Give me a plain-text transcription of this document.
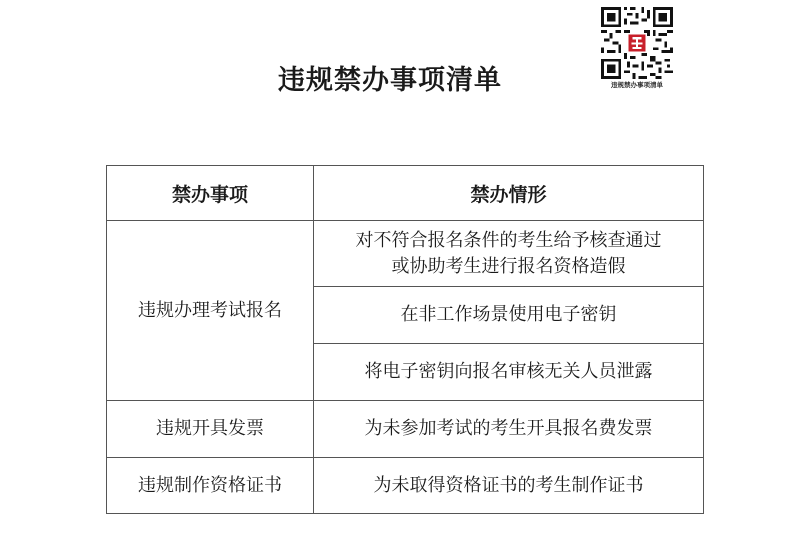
违规禁办事项清单	违规禁办事项清单
禁办事项	禁办情形
违规办理考试报名	对不符合报名条件的考生给予核查通过
或协助考生进行报名资格造假

	在非工作场景使用电子密钥

	将电子密钥向报名审核无关人员泄露

违规开具发票	为未参加考试的考生开具报名费发票

违规制作资格证书	为未取得资格证书的考生制作证书
